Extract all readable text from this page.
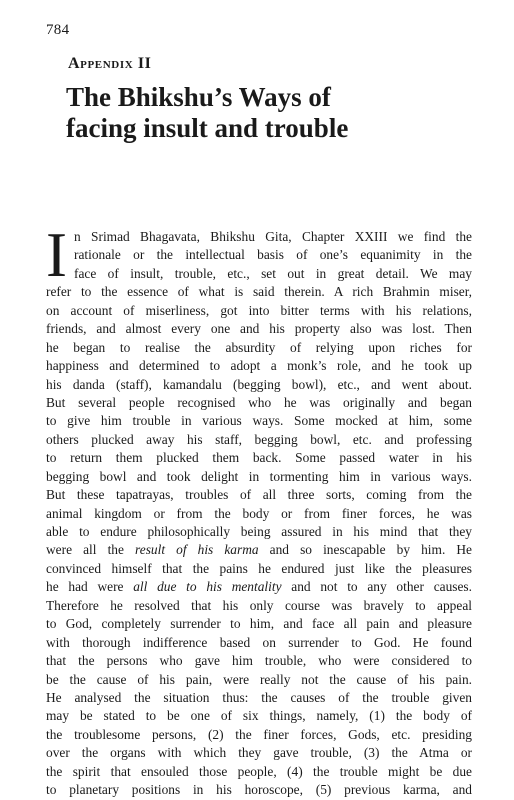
784
Appendix II
The Bhikshu’s Ways of
facing insult and trouble
I n Srimad Bhagavata, Bhikshu Gita, Chapter XXIII we find the
rationale or the intellectual basis of one’s equanimity in the
face of insult, trouble, etc., set out in great detail. We may
refer to the essence of what is said therein. A rich Brahmin miser,
on account of miserliness, got into bitter terms with his relations,
friends, and almost every one and his property also was lost. Then
he began to realise the absurdity of relying upon riches for
happiness and determined to adopt a monk’s role, and he took up
his danda (staff), kamandalu (begging bowl), etc., and went about.
But several people recognised who he was originally and began
to give him trouble in various ways. Some mocked at him, some
others plucked away his staff, begging bowl, etc. and professing
to return them plucked them back. Some passed water in his
begging bowl and took delight in tormenting him in various ways.
But these tapatrayas, troubles of all three sorts, coming from the
animal kingdom or from the body or from finer forces, he was
able to endure philosophically being assured in his mind that they
were all the result of his karma and so inescapable by him. He
convinced himself that the pains he endured just like the pleasures
he had were all due to his mentality and not to any other causes.
Therefore he resolved that his only course was bravely to appeal
to God, completely surrender to him, and face all pain and pleasure
with thorough indifference based on surrender to God. He found
that the persons who gave him trouble, who were considered to
be the cause of his pain, were really not the cause of his pain.
He analysed the situation thus: the causes of the trouble given
may be stated to be one of six things, namely, (1) the body of
the troublesome persons, (2) the finer forces, Gods, etc. presiding
over the organs with which they gave trouble, (3) the Atma or
the spirit that ensouled those people, (4) the trouble might be due
to planetary positions in his horoscope, (5) previous karma, and
